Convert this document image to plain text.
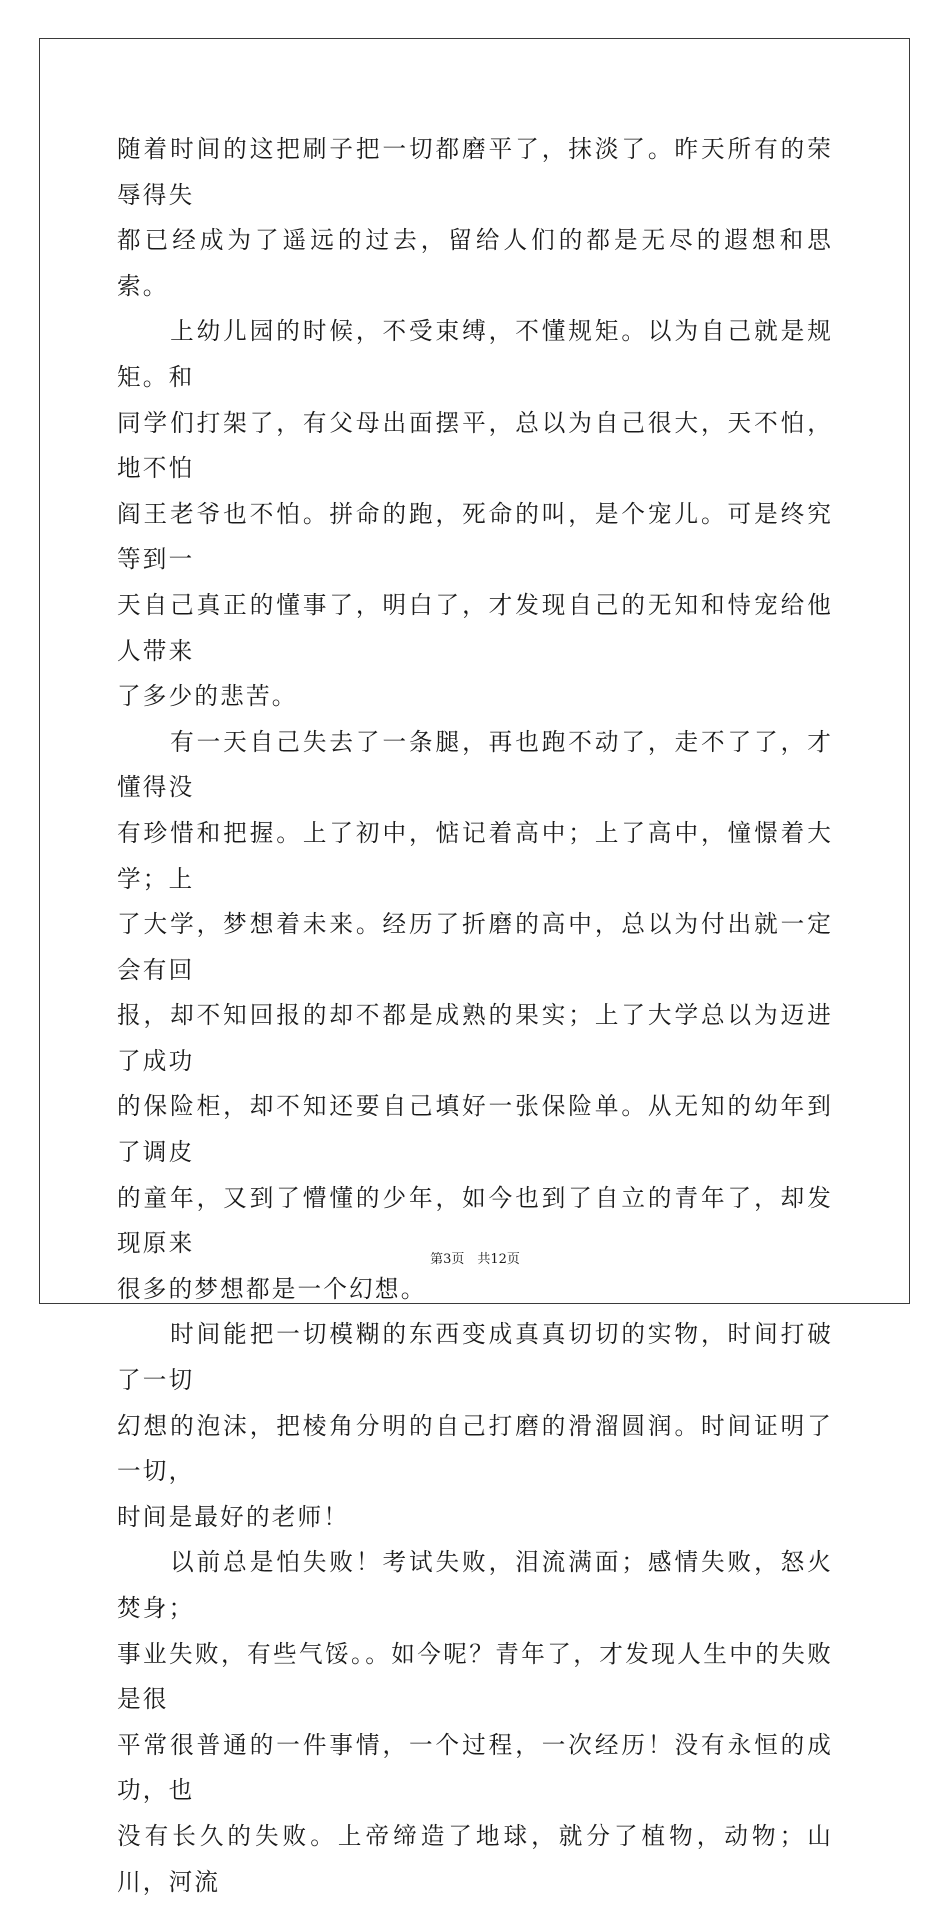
随着时间的这把刷子把一切都磨平了，抹淡了。昨天所有的荣辱得失
都已经成为了遥远的过去，留给人们的都是无尽的遐想和思索。

　　上幼儿园的时候，不受束缚，不懂规矩。以为自己就是规矩。和
同学们打架了，有父母出面摆平，总以为自己很大，天不怕，地不怕
阎王老爷也不怕。拼命的跑，死命的叫，是个宠儿。可是终究等到一
天自己真正的懂事了，明白了，才发现自己的无知和恃宠给他人带来
了多少的悲苦。

　　有一天自己失去了一条腿，再也跑不动了，走不了了，才懂得没
有珍惜和把握。上了初中，惦记着高中；上了高中，憧憬着大学；上
了大学，梦想着未来。经历了折磨的高中，总以为付出就一定会有回
报，却不知回报的却不都是成熟的果实；上了大学总以为迈进了成功
的保险柜，却不知还要自己填好一张保险单。从无知的幼年到了调皮
的童年，又到了懵懂的少年，如今也到了自立的青年了，却发现原来
很多的梦想都是一个幻想。

　　时间能把一切模糊的东西变成真真切切的实物，时间打破了一切
幻想的泡沫，把棱角分明的自己打磨的滑溜圆润。时间证明了一切，
时间是最好的老师！

　　以前总是怕失败！考试失败，泪流满面；感情失败，怒火焚身；
事业失败，有些气馁。。如今呢？青年了，才发现人生中的失败是很
平常很普通的一件事情，一个过程，一次经历！没有永恒的成功，也
没有长久的失败。上帝缔造了地球，就分了植物，动物；山川，河流

第3页　共12页
